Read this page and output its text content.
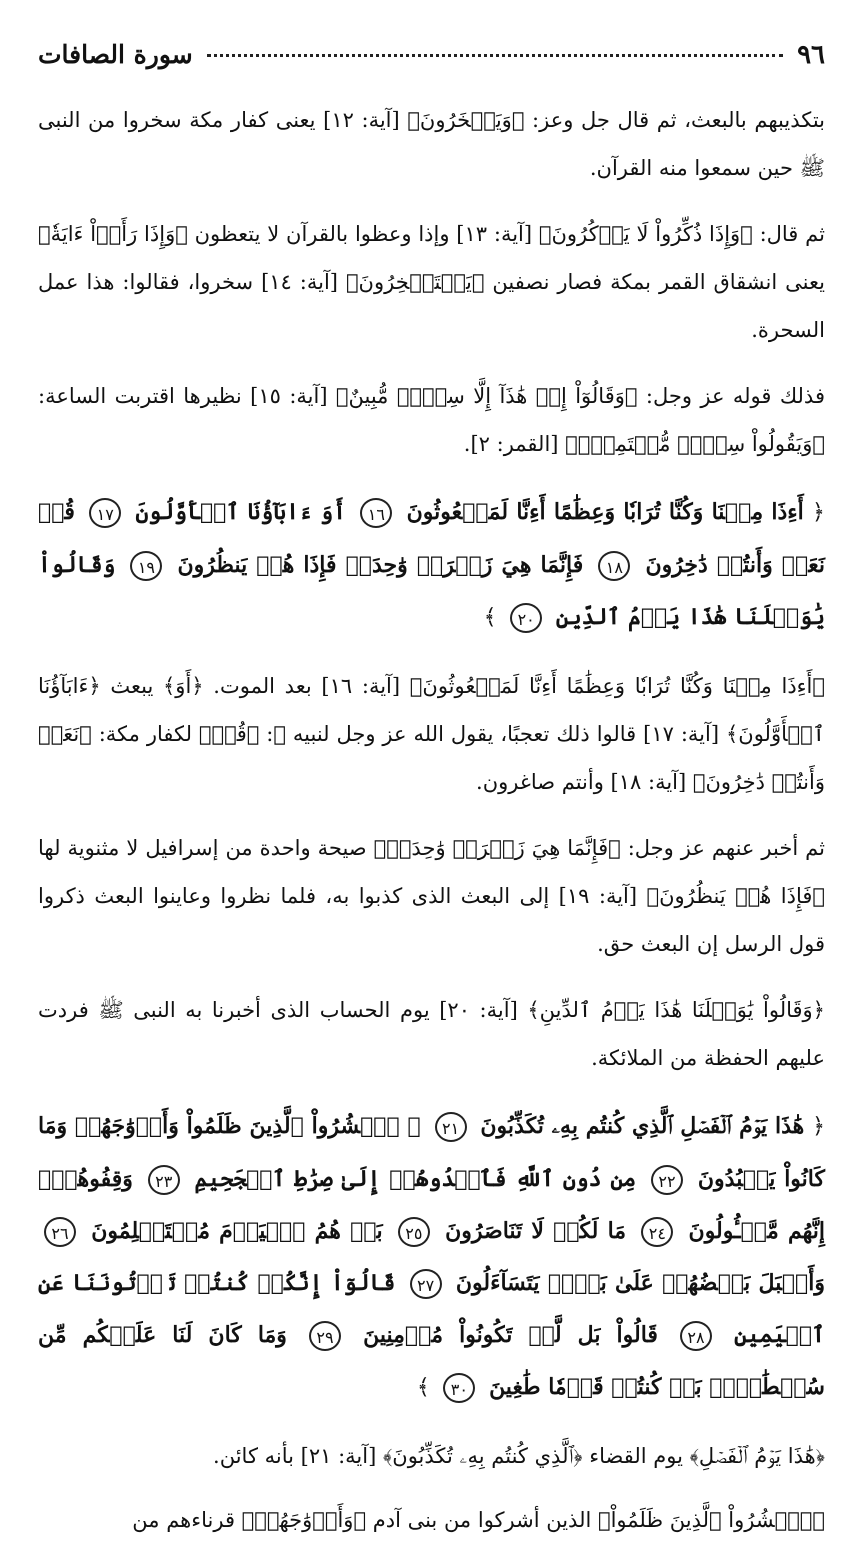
٩٦
سورة الصافات

بتكذيبهم بالبعث، ثم قال جل وعز: ﴿وَيَسۡخَرُونَ﴾ [آية: ١٢] يعنى كفار مكة سخروا من النبى ﷺ حين سمعوا منه القرآن.

ثم قال: ﴿وَإِذَا ذُكِّرُواْ لَا يَذۡكُرُونَ﴾ [آية: ١٣] وإذا وعظوا بالقرآن لا يتعظون ﴿وَإِذَا رَأَوۡاْ ءَايَةٗ﴾ يعنى انشقاق القمر بمكة فصار نصفين ﴿يَسۡتَسۡخِرُونَ﴾ [آية: ١٤] سخروا، فقالوا: هذا عمل السحرة.

فذلك قوله عز وجل: ﴿وَقَالُوٓاْ إِنۡ هَٰذَآ إِلَّا سِحۡرٞ مُّبِينٌ﴾ [آية: ١٥] نظيرها اقتربت الساعة: ﴿وَيَقُولُواْ سِحۡرٞ مُّسۡتَمِرّٞ﴾ [القمر: ٢].

﴿ أَءِذَا مِتۡنَا وَكُنَّا تُرَابٗا وَعِظَٰمًا أَءِنَّا لَمَبۡعُوثُونَ ١٦ أَوَ ءَابَآؤُنَا ٱلۡأَوَّلُونَ ١٧ قُلۡ نَعَمۡ وَأَنتُمۡ دَٰخِرُونَ ١٨ فَإِنَّمَا هِيَ زَجۡرَةٞ وَٰحِدَةٞ فَإِذَا هُمۡ يَنظُرُونَ ١٩ وَقَالُواْ يَٰوَيۡلَنَا هَٰذَا يَوۡمُ ٱلدِّينِ ٢٠ ﴾

﴿أَءِذَا مِتۡنَا وَكُنَّا تُرَابٗا وَعِظَٰمًا أَءِنَّا لَمَبۡعُوثُونَ﴾ [آية: ١٦] بعد الموت. ﴿أَوَ﴾ يبعث ﴿ءَابَآؤُنَا ٱلۡأَوَّلُونَ﴾ [آية: ١٧] قالوا ذلك تعجبًا، يقول الله عز وجل لنبيه ﷺ: ﴿قُلۡ﴾ لكفار مكة: ﴿نَعَمۡ وَأَنتُمۡ دَٰخِرُونَ﴾ [آية: ١٨] وأنتم صاغرون.

ثم أخبر عنهم عز وجل: ﴿فَإِنَّمَا هِيَ زَجۡرَةٞ وَٰحِدَةٞ﴾ صيحة واحدة من إسرافيل لا مثنوية لها ﴿فَإِذَا هُمۡ يَنظُرُونَ﴾ [آية: ١٩] إلى البعث الذى كذبوا به، فلما نظروا وعاينوا البعث ذكروا قول الرسل إن البعث حق.

﴿وَقَالُواْ يَٰوَيۡلَنَا هَٰذَا يَوۡمُ ٱلدِّينِ﴾ [آية: ٢٠] يوم الحساب الذى أخبرنا به النبى ﷺ فردت عليهم الحفظة من الملائكة.

﴿ هَٰذَا يَوۡمُ ٱلۡفَصۡلِ ٱلَّذِي كُنتُم بِهِۦ تُكَذِّبُونَ ٢١ ۞ ٱحۡشُرُواْ ٱلَّذِينَ ظَلَمُواْ وَأَزۡوَٰجَهُمۡ وَمَا كَانُواْ يَعۡبُدُونَ ٢٢ مِن دُونِ ٱللَّهِ فَٱهۡدُوهُمۡ إِلَىٰ صِرَٰطِ ٱلۡجَحِيمِ ٢٣ وَقِفُوهُمۡۖ إِنَّهُم مَّسۡـُٔولُونَ ٢٤ مَا لَكُمۡ لَا تَنَاصَرُونَ ٢٥ بَلۡ هُمُ ٱلۡيَوۡمَ مُسۡتَسۡلِمُونَ ٢٦ وَأَقۡبَلَ بَعۡضُهُمۡ عَلَىٰ بَعۡضٖ يَتَسَآءَلُونَ ٢٧ قَالُوٓاْ إِنَّكُمۡ كُنتُمۡ تَأۡتُونَنَا عَنِ ٱلۡيَمِينِ ٢٨ قَالُواْ بَل لَّمۡ تَكُونُواْ مُؤۡمِنِينَ ٢٩ وَمَا كَانَ لَنَا عَلَيۡكُم مِّن سُلۡطَٰنِۭۖ بَلۡ كُنتُمۡ قَوۡمٗا طَٰغِينَ ٣٠ ﴾

﴿هَٰذَا يَوۡمُ ٱلۡفَصۡلِ﴾ يوم القضاء ﴿ٱلَّذِي كُنتُم بِهِۦ تُكَذِّبُونَ﴾ [آية: ٢١] بأنه كائن.

﴿ٱحۡشُرُواْ ٱلَّذِينَ ظَلَمُواْ﴾ الذين أشركوا من بنى آدم ﴿وَأَزۡوَٰجَهُمۡ﴾ قرناءهم من
